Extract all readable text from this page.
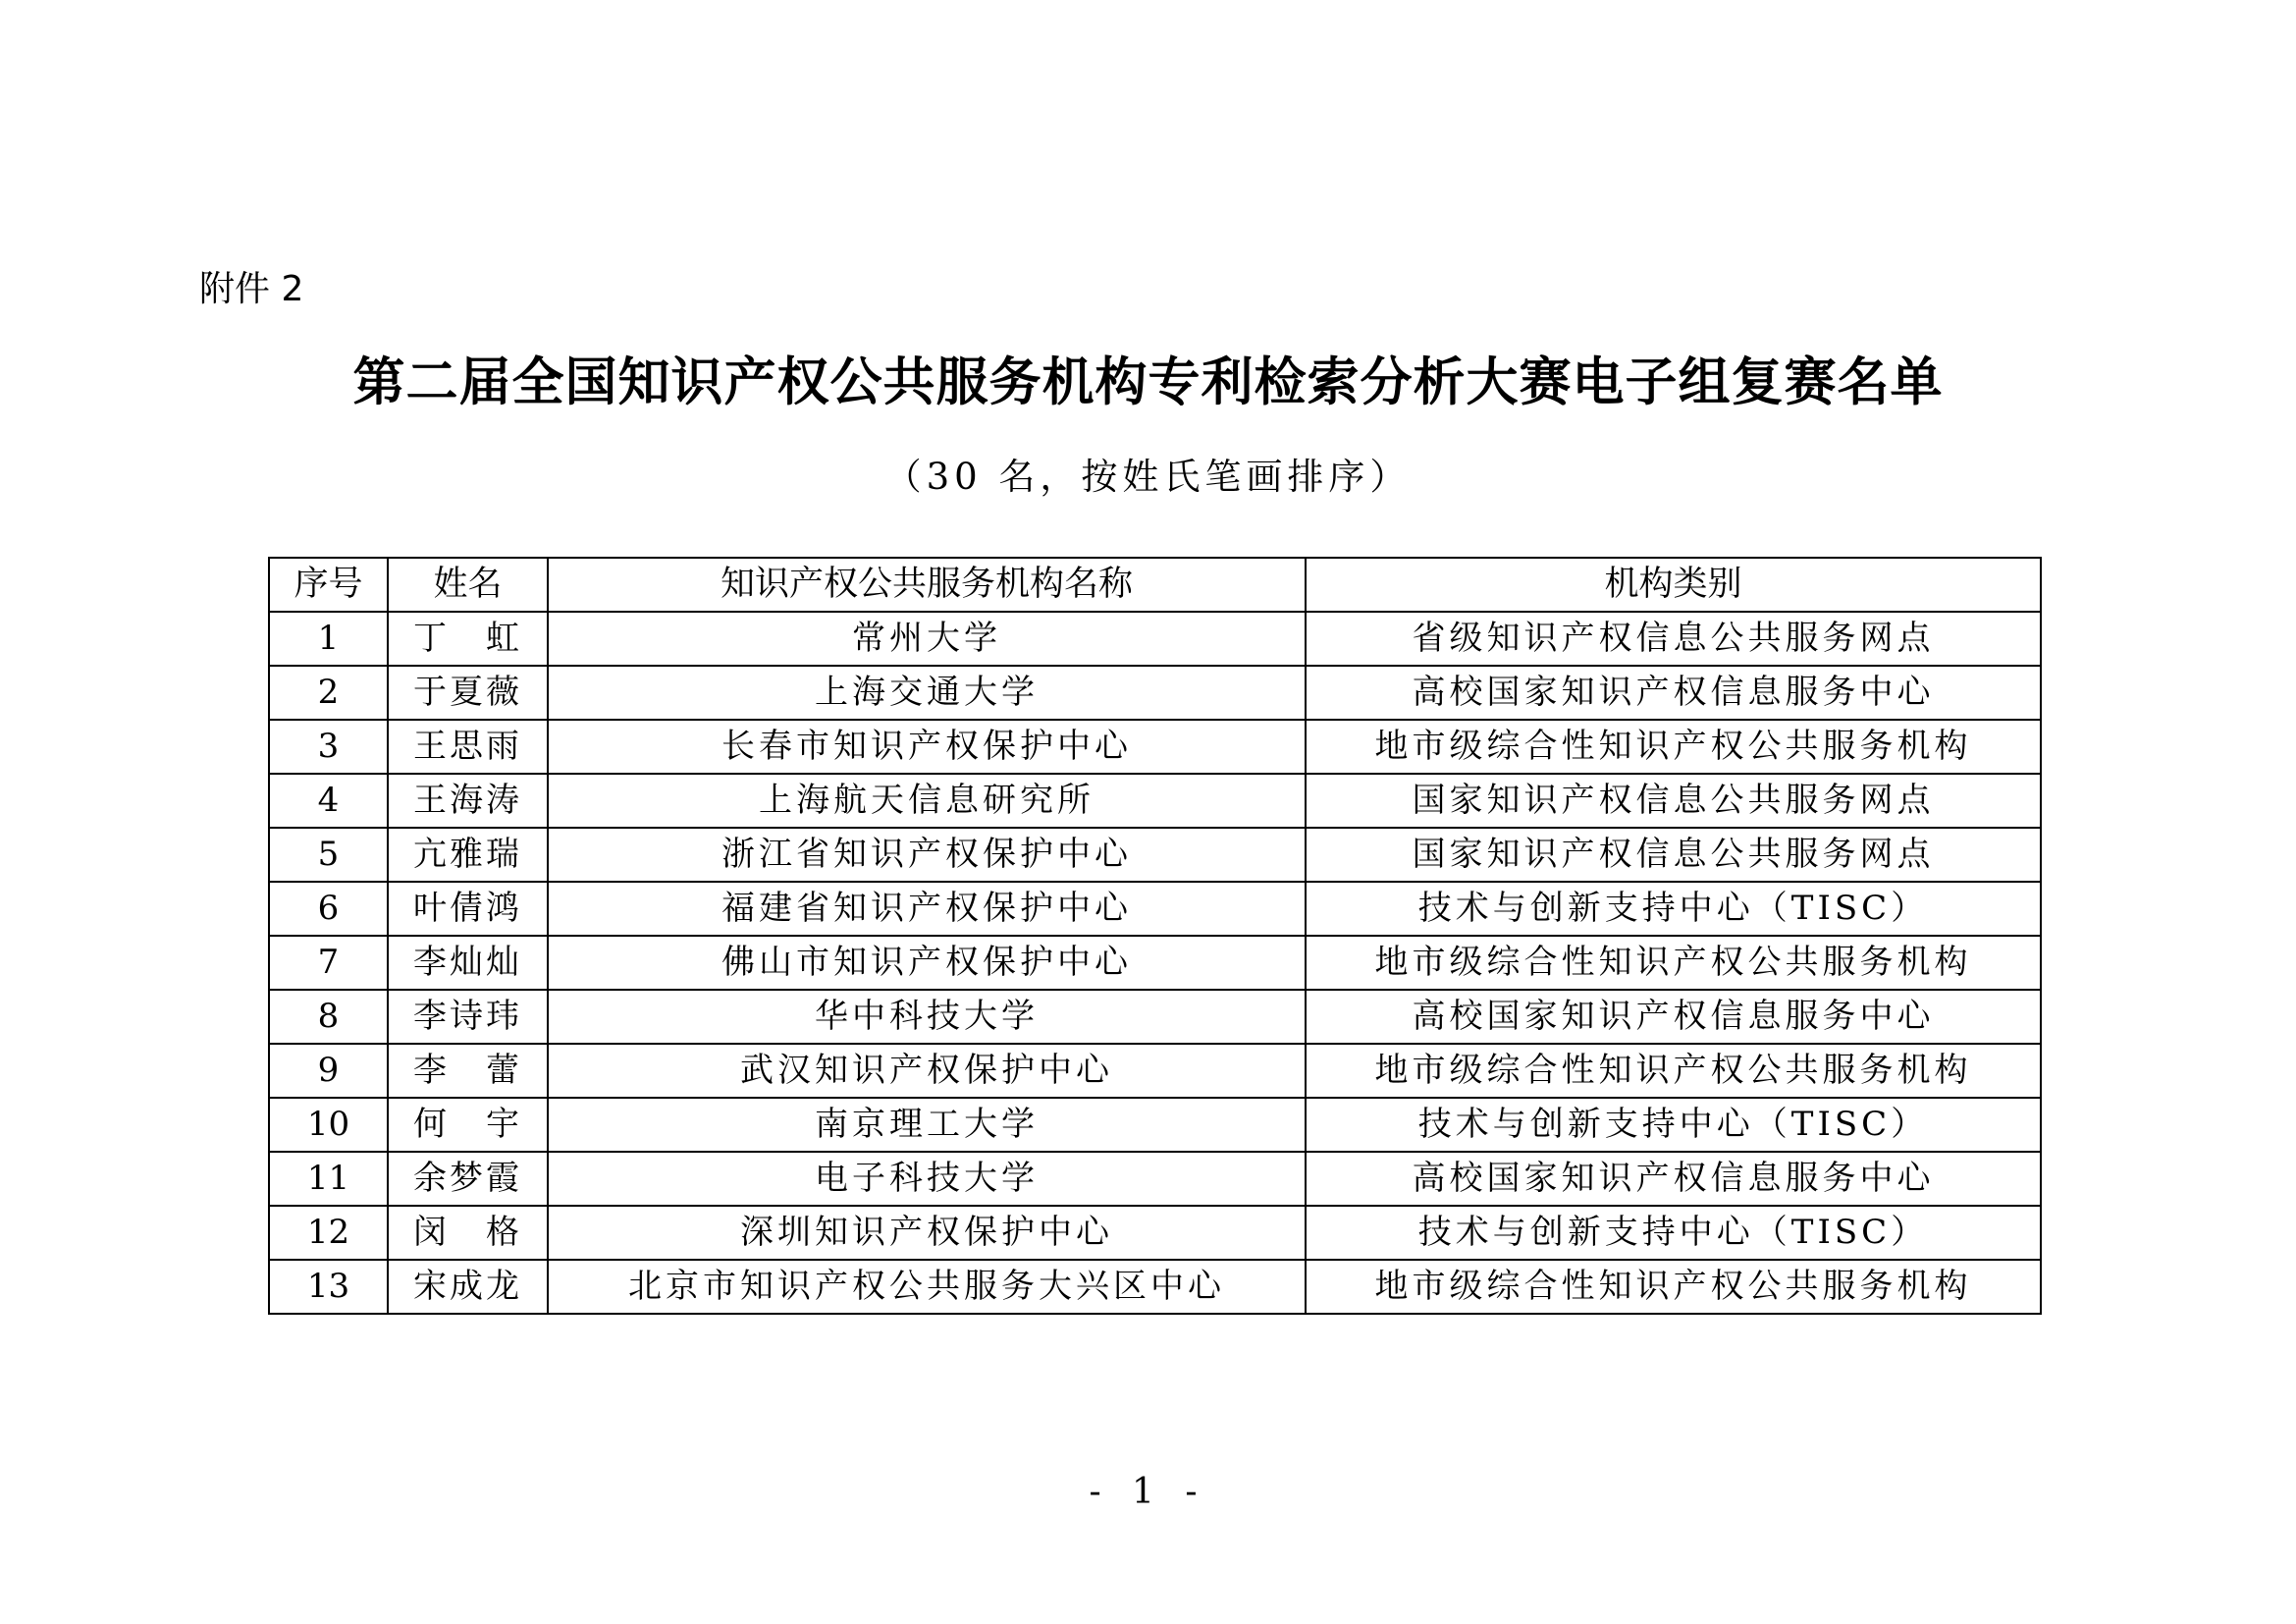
附件 2
第二届全国知识产权公共服务机构专利检索分析大赛电子组复赛名单
（30 名，按姓氏笔画排序）
序号	姓名	知识产权公共服务机构名称	机构类别
1	丁　虹	常州大学	省级知识产权信息公共服务网点
2	于夏薇	上海交通大学	高校国家知识产权信息服务中心
3	王思雨	长春市知识产权保护中心	地市级综合性知识产权公共服务机构
4	王海涛	上海航天信息研究所	国家知识产权信息公共服务网点
5	亢雅瑞	浙江省知识产权保护中心	国家知识产权信息公共服务网点
6	叶倩鸿	福建省知识产权保护中心	技术与创新支持中心（TISC）
7	李灿灿	佛山市知识产权保护中心	地市级综合性知识产权公共服务机构
8	李诗玮	华中科技大学	高校国家知识产权信息服务中心
9	李　蕾	武汉知识产权保护中心	地市级综合性知识产权公共服务机构
10	何　宇	南京理工大学	技术与创新支持中心（TISC）
11	余梦霞	电子科技大学	高校国家知识产权信息服务中心
12	闵　格	深圳知识产权保护中心	技术与创新支持中心（TISC）
13	宋成龙	北京市知识产权公共服务大兴区中心	地市级综合性知识产权公共服务机构
- 1 -
